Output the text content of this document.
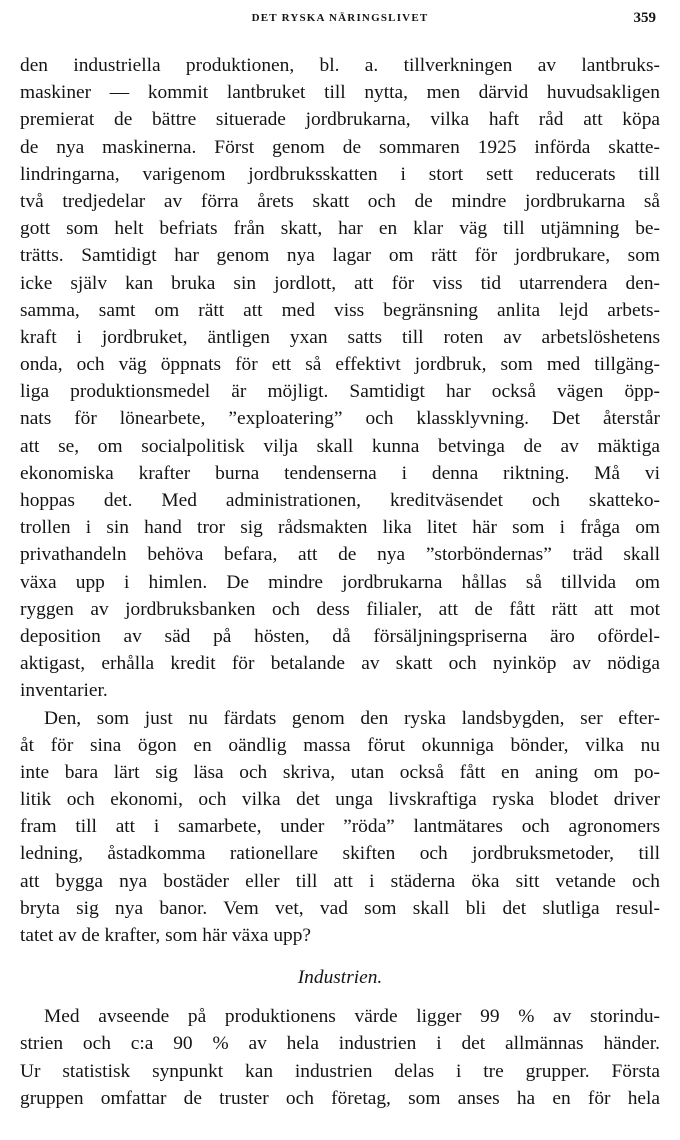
DET RYSKA NÄRINGSLIVET	359
den industriella produktionen, bl. a. tillverkningen av lantbruks-
maskiner — kommit lantbruket till nytta, men därvid huvudsakligen
premierat de bättre situerade jordbrukarna, vilka haft råd att köpa
de nya maskinerna. Först genom de sommaren 1925 införda skatte-
lindringarna, varigenom jordbruksskatten i stort sett reducerats till
två tredjedelar av förra årets skatt och de mindre jordbrukarna så
gott som helt befriats från skatt, har en klar väg till utjämning be-
trätts. Samtidigt har genom nya lagar om rätt för jordbrukare, som
icke själv kan bruka sin jordlott, att för viss tid utarrendera den-
samma, samt om rätt att med viss begränsning anlita lejd arbets-
kraft i jordbruket, äntligen yxan satts till roten av arbetslöshetens
onda, och väg öppnats för ett så effektivt jordbruk, som med tillgäng-
liga produktionsmedel är möjligt. Samtidigt har också vägen öpp-
nats för lönearbete, ”exploatering” och klassklyvning. Det återstår
att se, om socialpolitisk vilja skall kunna betvinga de av mäktiga
ekonomiska krafter burna tendenserna i denna riktning. Må vi
hoppas det. Med administrationen, kreditväsendet och skatteko-
trollen i sin hand tror sig rådsmakten lika litet här som i fråga om
privathandeln behöva befara, att de nya ”storböndernas” träd skall
växa upp i himlen. De mindre jordbrukarna hållas så tillvida om
ryggen av jordbruksbanken och dess filialer, att de fått rätt att mot
deposition av säd på hösten, då försäljningspriserna äro ofördel-
aktigast, erhålla kredit för betalande av skatt och nyinköp av nödiga
inventarier.
Den, som just nu färdats genom den ryska landsbygden, ser efter-
åt för sina ögon en oändlig massa förut okunniga bönder, vilka nu
inte bara lärt sig läsa och skriva, utan också fått en aning om po-
litik och ekonomi, och vilka det unga livskraftiga ryska blodet driver
fram till att i samarbete, under ”röda” lantmätares och agronomers
ledning, åstadkomma rationellare skiften och jordbruksmetoder, till
att bygga nya bostäder eller till att i städerna öka sitt vetande och
bryta sig nya banor. Vem vet, vad som skall bli det slutliga resul-
tatet av de krafter, som här växa upp?
Industrien.
Med avseende på produktionens värde ligger 99 % av storindu-
strien och c:a 90 % av hela industrien i det allmännas händer.
Ur statistisk synpunkt kan industrien delas i tre grupper. Första
gruppen omfattar de truster och företag, som anses ha en för hela
